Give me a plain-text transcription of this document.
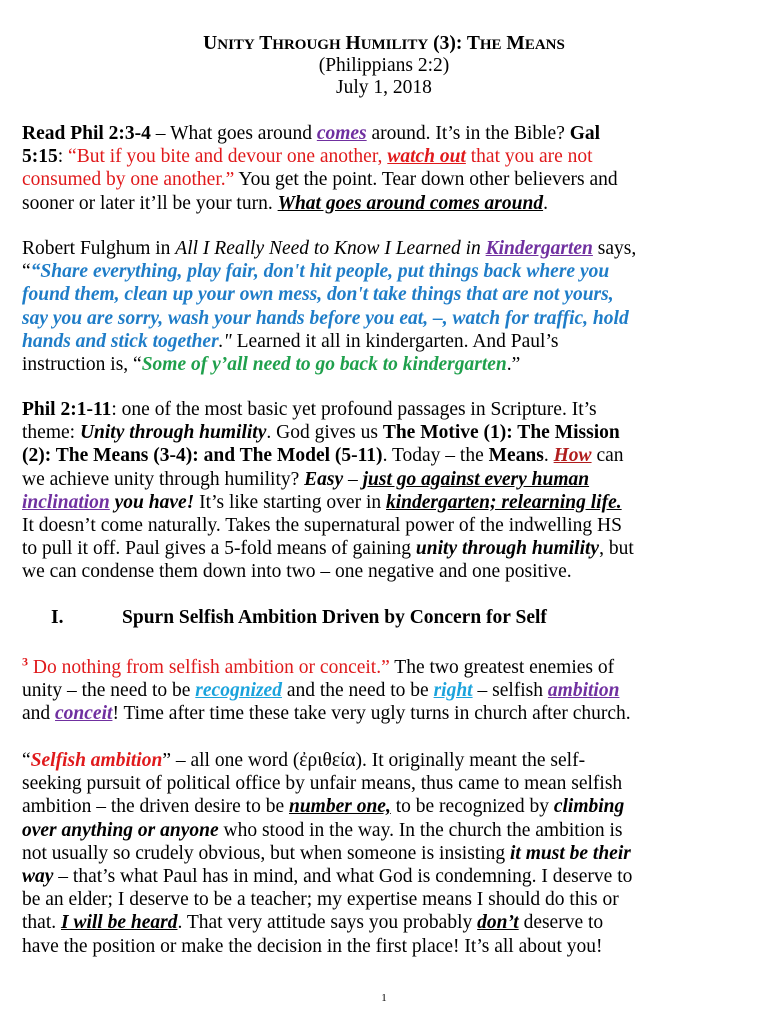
UNITY THROUGH HUMILITY (3): THE MEANS
(Philippians 2:2)
July 1, 2018
Read Phil 2:3-4 – What goes around comes around. It’s in the Bible? Gal
5:15: “But if you bite and devour one another, watch out that you are not
consumed by one another.” You get the point. Tear down other believers and
sooner or later it’ll be your turn. What goes around comes around.
Robert Fulghum in All I Really Need to Know I Learned in Kindergarten says,
““Share everything, play fair, don't hit people, put things back where you
found them, clean up your own mess, don't take things that are not yours,
say you are sorry, wash your hands before you eat, –, watch for traffic, hold
hands and stick together." Learned it all in kindergarten. And Paul’s
instruction is, “Some of y’all need to go back to kindergarten.”
Phil 2:1-11: one of the most basic yet profound passages in Scripture. It’s
theme: Unity through humility. God gives us The Motive (1): The Mission
(2): The Means (3-4): and The Model (5-11). Today – the Means. How can
we achieve unity through humility? Easy – just go against every human
inclination you have! It’s like starting over in kindergarten; relearning life.
It doesn’t come naturally. Takes the supernatural power of the indwelling HS
to pull it off. Paul gives a 5-fold means of gaining unity through humility, but
we can condense them down into two – one negative and one positive.
I.	Spurn Selfish Ambition Driven by Concern for Self
$^3$ Do nothing from selfish ambition or conceit.” The two greatest enemies of
unity – the need to be recognized and the need to be right – selfish ambition
and conceit! Time after time these take very ugly turns in church after church.
“Selfish ambition” – all one word (ἐριθεία). It originally meant the self-
seeking pursuit of political office by unfair means, thus came to mean selfish
ambition – the driven desire to be number one, to be recognized by climbing
over anything or anyone who stood in the way. In the church the ambition is
not usually so crudely obvious, but when someone is insisting it must be their
way – that’s what Paul has in mind, and what God is condemning. I deserve to
be an elder; I deserve to be a teacher; my expertise means I should do this or
that. I will be heard. That very attitude says you probably don’t deserve to
have the position or make the decision in the first place! It’s all about you!
1
